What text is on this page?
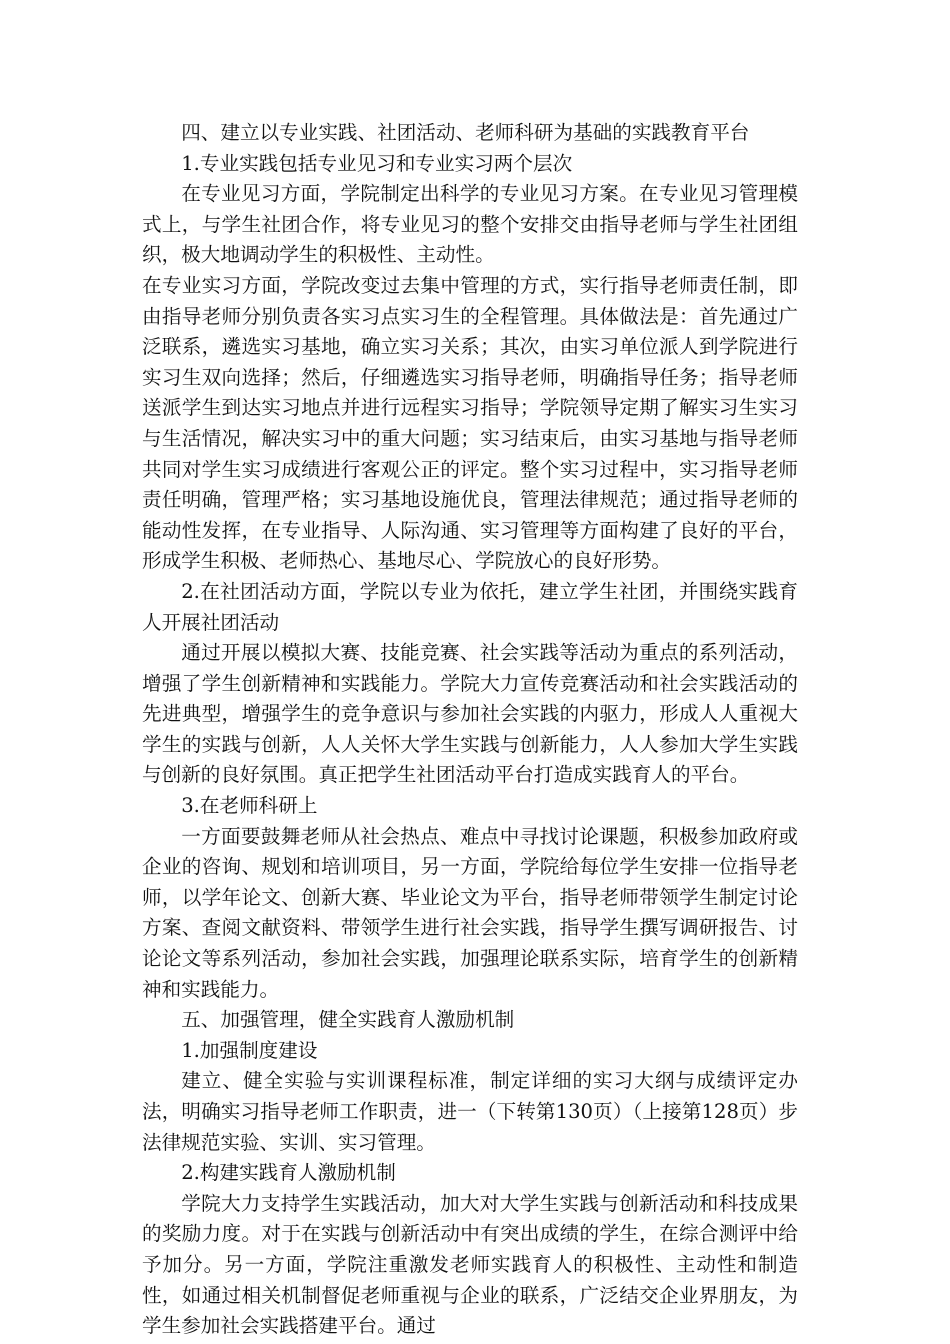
四、建立以专业实践、社团活动、老师科研为基础的实践教育平台

1.专业实践包括专业见习和专业实习两个层次

在专业见习方面，学院制定出科学的专业见习方案。在专业见习管理模式上，与学生社团合作，将专业见习的整个安排交由指导老师与学生社团组织，极大地调动学生的积极性、主动性。

在专业实习方面，学院改变过去集中管理的方式，实行指导老师责任制，即由指导老师分别负责各实习点实习生的全程管理。具体做法是：首先通过广泛联系，遴选实习基地，确立实习关系；其次，由实习单位派人到学院进行实习生双向选择；然后，仔细遴选实习指导老师，明确指导任务；指导老师送派学生到达实习地点并进行远程实习指导；学院领导定期了解实习生实习与生活情况，解决实习中的重大问题；实习结束后，由实习基地与指导老师共同对学生实习成绩进行客观公正的评定。整个实习过程中，实习指导老师责任明确，管理严格；实习基地设施优良，管理法律规范；通过指导老师的能动性发挥，在专业指导、人际沟通、实习管理等方面构建了良好的平台，形成学生积极、老师热心、基地尽心、学院放心的良好形势。

2.在社团活动方面，学院以专业为依托，建立学生社团，并围绕实践育人开展社团活动

通过开展以模拟大赛、技能竞赛、社会实践等活动为重点的系列活动，增强了学生创新精神和实践能力。学院大力宣传竞赛活动和社会实践活动的先进典型，增强学生的竞争意识与参加社会实践的内驱力，形成人人重视大学生的实践与创新，人人关怀大学生实践与创新能力，人人参加大学生实践与创新的良好氛围。真正把学生社团活动平台打造成实践育人的平台。

3.在老师科研上

一方面要鼓舞老师从社会热点、难点中寻找讨论课题，积极参加政府或企业的咨询、规划和培训项目，另一方面，学院给每位学生安排一位指导老师，以学年论文、创新大赛、毕业论文为平台，指导老师带领学生制定讨论方案、查阅文献资料、带领学生进行社会实践，指导学生撰写调研报告、讨论论文等系列活动，参加社会实践，加强理论联系实际，培育学生的创新精神和实践能力。

五、加强管理，健全实践育人激励机制

1.加强制度建设

建立、健全实验与实训课程标准，制定详细的实习大纲与成绩评定办法，明确实习指导老师工作职责，进一（下转第130页）（上接第128页）步法律规范实验、实训、实习管理。

2.构建实践育人激励机制

学院大力支持学生实践活动，加大对大学生实践与创新活动和科技成果的奖励力度。对于在实践与创新活动中有突出成绩的学生，在综合测评中给予加分。另一方面，学院注重激发老师实践育人的积极性、主动性和制造性，如通过相关机制督促老师重视与企业的联系，广泛结交企业界朋友，为学生参加社会实践搭建平台。通过
